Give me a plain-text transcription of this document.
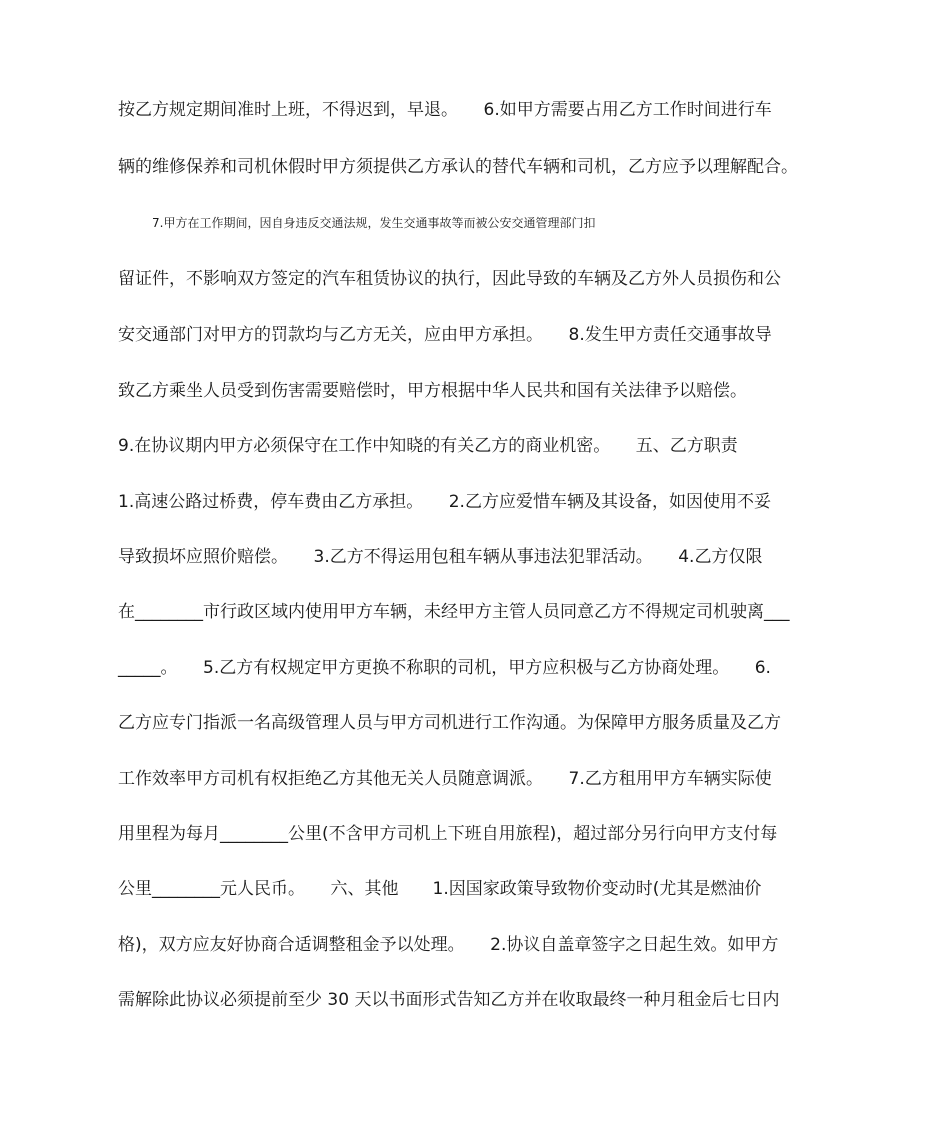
按乙方规定期间准时上班，不得迟到，早退。　　6.如甲方需要占用乙方工作时间进行车
辆的维修保养和司机休假时甲方须提供乙方承认的替代车辆和司机，乙方应予以理解配合。
7.甲方在工作期间，因自身违反交通法规，发生交通事故等而被公安交通管理部门扣
留证件，不影响双方签定的汽车租赁协议的执行，因此导致的车辆及乙方外人员损伤和公
安交通部门对甲方的罚款均与乙方无关，应由甲方承担。　　8.发生甲方责任交通事故导
致乙方乘坐人员受到伤害需要赔偿时，甲方根据中华人民共和国有关法律予以赔偿。
9.在协议期内甲方必须保守在工作中知晓的有关乙方的商业机密。　　五、乙方职责
1.高速公路过桥费，停车费由乙方承担。　　2.乙方应爱惜车辆及其设备，如因使用不妥
导致损坏应照价赔偿。　　3.乙方不得运用包租车辆从事违法犯罪活动。　　4.乙方仅限
在________市行政区域内使用甲方车辆，未经甲方主管人员同意乙方不得规定司机驶离___
_____。　　5.乙方有权规定甲方更换不称职的司机，甲方应积极与乙方协商处理。　　6.
乙方应专门指派一名高级管理人员与甲方司机进行工作沟通。为保障甲方服务质量及乙方
工作效率甲方司机有权拒绝乙方其他无关人员随意调派。　　7.乙方租用甲方车辆实际使
用里程为每月________公里(不含甲方司机上下班自用旅程)，超过部分另行向甲方支付每
公里________元人民币。　　六、其他　　1.因国家政策导致物价变动时(尤其是燃油价
格)，双方应友好协商合适调整租金予以处理。　　2.协议自盖章签字之日起生效。如甲方
需解除此协议必须提前至少 30 天以书面形式告知乙方并在收取最终一种月租金后七日内
